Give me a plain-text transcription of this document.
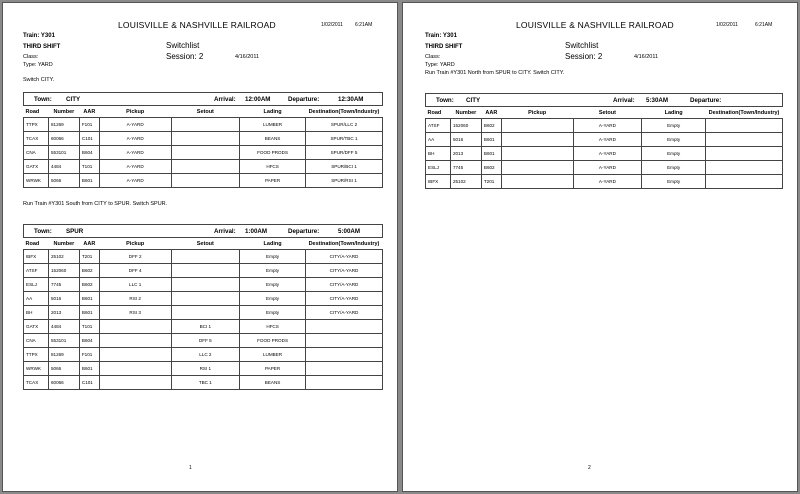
LOUISVILLE & NASHVILLE RAILROAD	1/02/2011 6:21AM
Train: Y301
THIRD SHIFT
Class:
Type: YARD
Switchlist
Session: 2	4/16/2011
Switch CITY.
Town: CITY	Arrival: 12:00AM	Departure:	12:30AM
Road	Number	AAR	Pickup	Setout	Lading	Destination(Town/Industry)
TTPX	81269	F101	A-YARD		LUMBER	SPUR/LLC 2
TCAX	60066	C101	A-YARD		BEANS	SPUR/TBC 1
CNA	553101	B604	A-YARD		FOOD PRODS	SPUR/DFF 5
GATX	4484	T101	A-YARD		HFCS	SPUR/BCI 1
WRWK	5066	B601	A-YARD		PAPER	SPUR/RSI 1
Run Train #Y301 South from CITY to SPUR. Switch SPUR.
Town: SPUR	Arrival: 1:00AM	Departure:	5:00AM
Road	Number	AAR	Pickup	Setout	Lading	Destination(Town/Industry)
IBFX	25102	T201	DFF 2		Empty	CITY/A-YARD
ATSF	152060	B602	DFF 4		Empty	CITY/A-YARD
ESLJ	7745	B602	LLC 1		Empty	CITY/A-YARD
AA	5016	B601	RSI 2		Empty	CITY/A-YARD
BH	2013	B601	RSI 3		Empty	CITY/A-YARD
GATX	4484	T101		BCI 1	HFCS	
CNA	553101	B604		DFF 5	FOOD PRODS	
TTPX	81269	F101		LLC 2	LUMBER	
WRWK	5066	B601		RSI 1	PAPER	
TCAX	60066	C101		TBC 1	BEANS	
1
LOUISVILLE & NASHVILLE RAILROAD	1/02/2011	6:21AM
Train: Y301
THIRD SHIFT
Class:
Type: YARD
Switchlist
Session: 2	4/16/2011
Run Train #Y301 North from SPUR to CITY. Switch CITY.
Town: CITY	Arrival: 5:30AM	Departure:
Road	Number	AAR	Pickup	Setout	Lading	Destination(Town/Industry)
ATSF	152060	B602		A-YARD	Empty	
AA	5016	B601		A-YARD	Empty	
BH	2013	B601		A-YARD	Empty	
ESLJ	7745	B602		A-YARD	Empty	
IBFX	25102	T201		A-YARD	Empty	
2
